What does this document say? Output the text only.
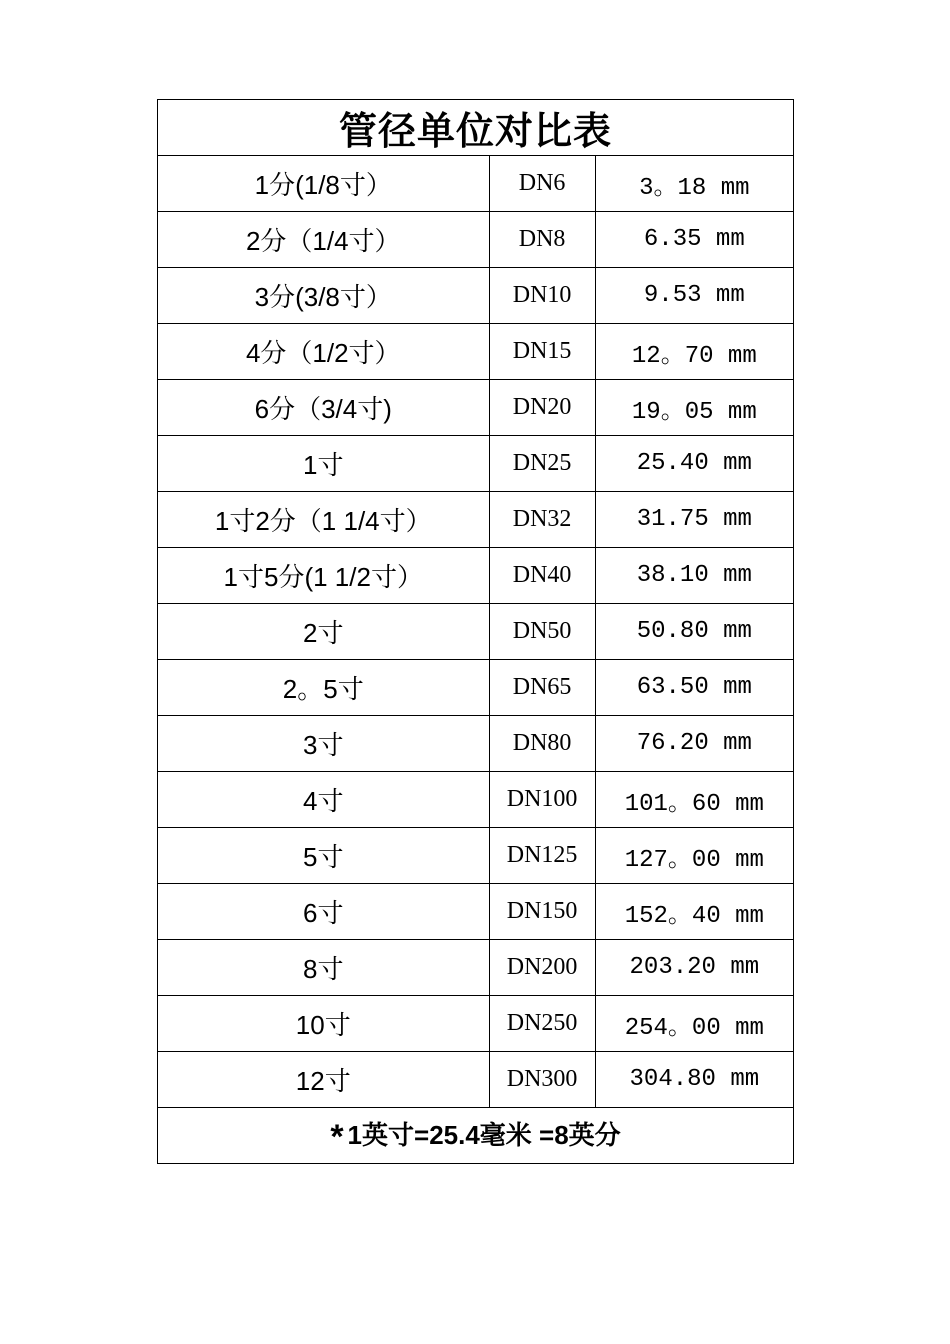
管径单位对比表		
1分(1/8寸）	DN6	3。18 mm
2分（1/4寸）	DN8	6.35 mm
3分(3/8寸）	DN10	9.53 mm
4分（1/2寸）	DN15	12。70 mm
6分（3/4寸)	DN20	19。05 mm
1寸	DN25	25.40 mm
1寸2分（1 1/4寸）	DN32	31.75 mm
1寸5分(1 1/2寸）	DN40	38.10 mm
2寸	DN50	50.80 mm
2。5寸	DN65	63.50 mm
3寸	DN80	76.20 mm
4寸	DN100	101。60 mm
5寸	DN125	127。00 mm
6寸	DN150	152。40 mm
8寸	DN200	203.20 mm
10寸	DN250	254。00 mm
12寸	DN300	304.80 mm
* 1英寸=25.4毫米 =8英分		
